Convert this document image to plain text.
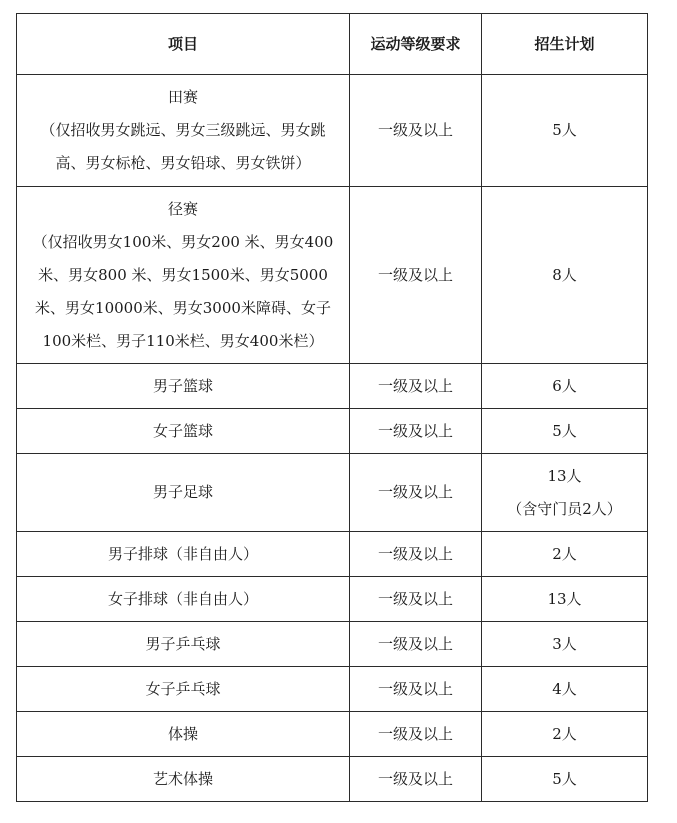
项目	运动等级要求	招生计划

田赛
（仅招收男女跳远、男女三级跳远、男女跳
高、男女标枪、男女铅球、男女铁饼）	一级及以上	5人

径赛
（仅招收男女100米、男女200 米、男女400
米、男女800 米、男女1500米、男女5000
米、男女10000米、男女3000米障碍、女子
100米栏、男子110米栏、男女400米栏）	一级及以上	8人

男子篮球	一级及以上	6人

女子篮球	一级及以上	5人

男子足球	一级及以上	13人
（含守门员2人）

男子排球（非自由人）	一级及以上	2人

女子排球（非自由人）	一级及以上	13人

男子乒乓球	一级及以上	3人

女子乒乓球	一级及以上	4人

体操	一级及以上	2人

艺术体操	一级及以上	5人
